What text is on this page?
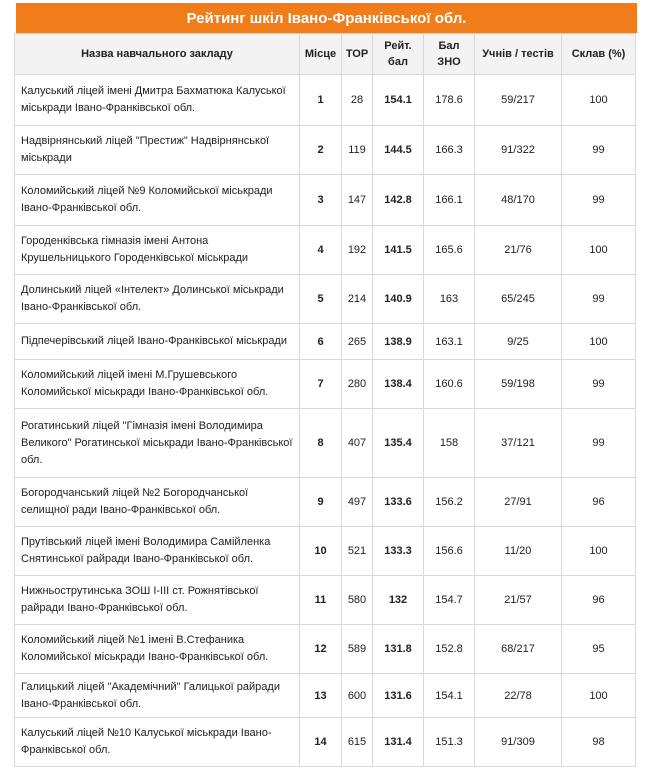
Рейтинг шкіл Івано-Франківської обл.
Назва навчального закладу	Місце	ТОР	Рейт. бал	Бал ЗНО	Учнів / тестів	Склав (%)
Калуський ліцей імені Дмитра Бахматюка Калуської міськради Івано-Франківської обл.	1	28	154.1	178.6	59/217	100
Надвірнянський ліцей "Престиж" Надвірнянської міськради	2	119	144.5	166.3	91/322	99
Коломийський ліцей №9 Коломийської міськради Івано-Франківської обл.	3	147	142.8	166.1	48/170	99
Городенківська гімназія імені Антона Крушельницького Городенківської міськради	4	192	141.5	165.6	21/76	100
Долинський ліцей «Інтелект» Долинської міськради Івано-Франківської обл.	5	214	140.9	163	65/245	99
Підпечерівський ліцей Івано-Франківської міськради	6	265	138.9	163.1	9/25	100
Коломийський ліцей імені М.Грушевського Коломийської міськради Івано-Франківської обл.	7	280	138.4	160.6	59/198	99
Рогатинський ліцей "Гімназія імені Володимира Великого" Рогатинської міськради Івано-Франківської обл.	8	407	135.4	158	37/121	99
Богородчанський ліцей №2 Богородчанської селищної ради Івано-Франківської обл.	9	497	133.6	156.2	27/91	96
Прутівський ліцей імені Володимира Самійленка Снятинської райради Івано-Франківської обл.	10	521	133.3	156.6	11/20	100
Нижньострутинська ЗОШ І-ІІІ ст. Рожнятівської райради Івано-Франківської обл.	11	580	132	154.7	21/57	96
Коломийський ліцей №1 імені В.Стефаника Коломийської міськради Івано-Франківської обл.	12	589	131.8	152.8	68/217	95
Галицький ліцей "Академічний" Галицької райради Івано-Франківської обл.	13	600	131.6	154.1	22/78	100
Калуський ліцей №10 Калуської міськради Івано-Франківської обл.	14	615	131.4	151.3	91/309	98
